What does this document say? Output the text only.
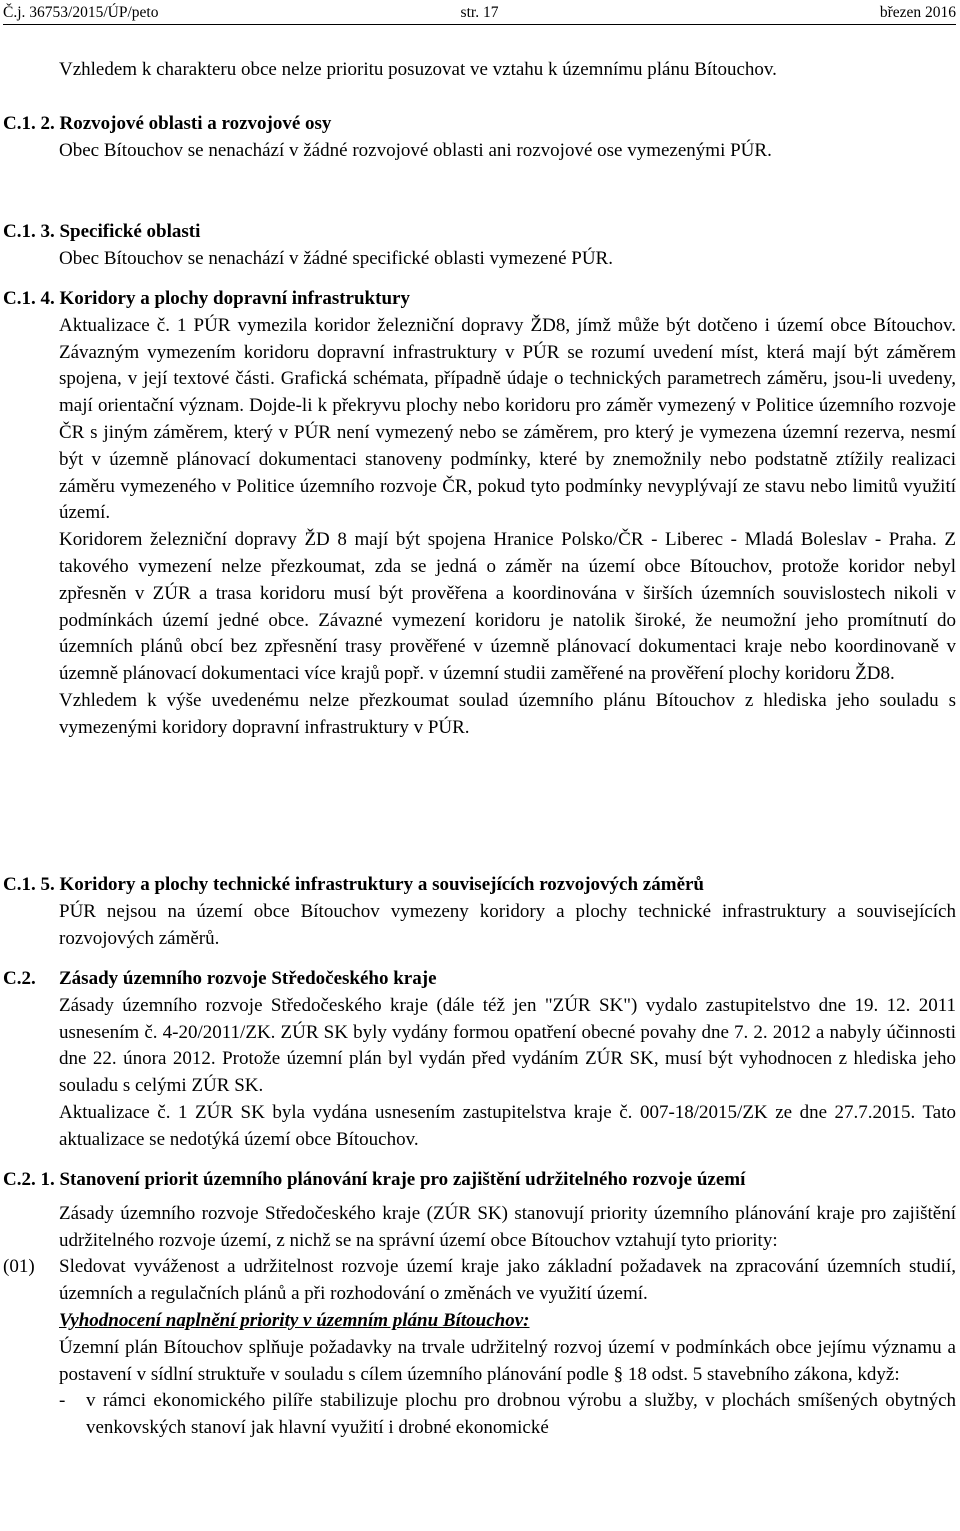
Č.j. 36753/2015/ÚP/peto	str. 17	březen 2016

Vzhledem k charakteru obce nelze prioritu posuzovat ve vztahu k územnímu plánu Bítouchov.

C.1. 2. Rozvojové oblasti a rozvojové osy

Obec Bítouchov se nenachází v žádné rozvojové oblasti ani rozvojové ose vymezenými PÚR.

C.1. 3. Specifické oblasti

Obec Bítouchov se nenachází v žádné specifické oblasti vymezené PÚR.

C.1. 4. Koridory a plochy dopravní infrastruktury

Aktualizace č. 1 PÚR vymezila koridor železniční dopravy ŽD8, jímž může být dotčeno i území obce Bítouchov. Závazným vymezením koridoru dopravní infrastruktury v PÚR se rozumí uvedení míst, která mají být záměrem spojena, v její textové části. Grafická schémata, případně údaje o technických parametrech záměru, jsou-li uvedeny, mají orientační význam. Dojde-li k překryvu plochy nebo koridoru pro záměr vymezený v Politice územního rozvoje ČR s jiným záměrem, který v PÚR není vymezený nebo se záměrem, pro který je vymezena územní rezerva, nesmí být v územně plánovací dokumentaci stanoveny podmínky, které by znemožnily nebo podstatně ztížily realizaci záměru vymezeného v Politice územního rozvoje ČR, pokud tyto podmínky nevyplývají ze stavu nebo limitů využití území.

Koridorem železniční dopravy ŽD 8 mají být spojena Hranice Polsko/ČR - Liberec - Mladá Boleslav - Praha. Z takového vymezení nelze přezkoumat, zda se jedná o záměr na území obce Bítouchov, protože koridor nebyl zpřesněn v ZÚR a trasa koridoru musí být prověřena a koordinována v širších územních souvislostech nikoli v podmínkách území jedné obce. Závazné vymezení koridoru je natolik široké, že neumožní jeho promítnutí do územních plánů obcí bez zpřesnění trasy prověřené v územně plánovací dokumentaci kraje nebo koordinovaně v územně plánovací dokumentaci více krajů popř. v územní studii zaměřené na prověření plochy koridoru ŽD8.

Vzhledem k výše uvedenému nelze přezkoumat soulad územního plánu Bítouchov z hlediska jeho souladu s vymezenými koridory dopravní infrastruktury v PÚR.

C.1. 5. Koridory a plochy technické infrastruktury a souvisejících rozvojových záměrů

PÚR nejsou na území obce Bítouchov vymezeny koridory a plochy technické infrastruktury a souvisejících rozvojových záměrů.

C.2. Zásady územního rozvoje Středočeského kraje

Zásady územního rozvoje Středočeského kraje (dále též jen "ZÚR SK") vydalo zastupitelstvo dne 19. 12. 2011 usnesením č. 4-20/2011/ZK. ZÚR SK byly vydány formou opatření obecné povahy dne 7. 2. 2012 a nabyly účinnosti dne 22. února 2012. Protože územní plán byl vydán před vydáním ZÚR SK, musí být vyhodnocen z hlediska jeho souladu s celými ZÚR SK.

Aktualizace č. 1 ZÚR SK byla vydána usnesením zastupitelstva kraje č. 007-18/2015/ZK ze dne 27.7.2015. Tato aktualizace se nedotýká území obce Bítouchov.

C.2. 1. Stanovení priorit územního plánování kraje pro zajištění udržitelného rozvoje území

Zásady územního rozvoje Středočeského kraje (ZÚR SK) stanovují priority územního plánování kraje pro zajištění udržitelného rozvoje území, z nichž se na správní území obce Bítouchov vztahují tyto priority:

(01) Sledovat vyváženost a udržitelnost rozvoje území kraje jako základní požadavek na zpracování územních studií, územních a regulačních plánů a při rozhodování o změnách ve využití území.

Vyhodnocení naplnění priority v územním plánu Bítouchov:

Územní plán Bítouchov splňuje požadavky na trvale udržitelný rozvoj území v podmínkách obce jejímu významu a postavení v sídlní struktuře v souladu s cílem územního plánování podle § 18 odst. 5 stavebního zákona, když:

-	v rámci ekonomického pilíře stabilizuje plochu pro drobnou výrobu a služby, v plochách smíšených obytných venkovských stanoví jak hlavní využití i drobné ekonomické
